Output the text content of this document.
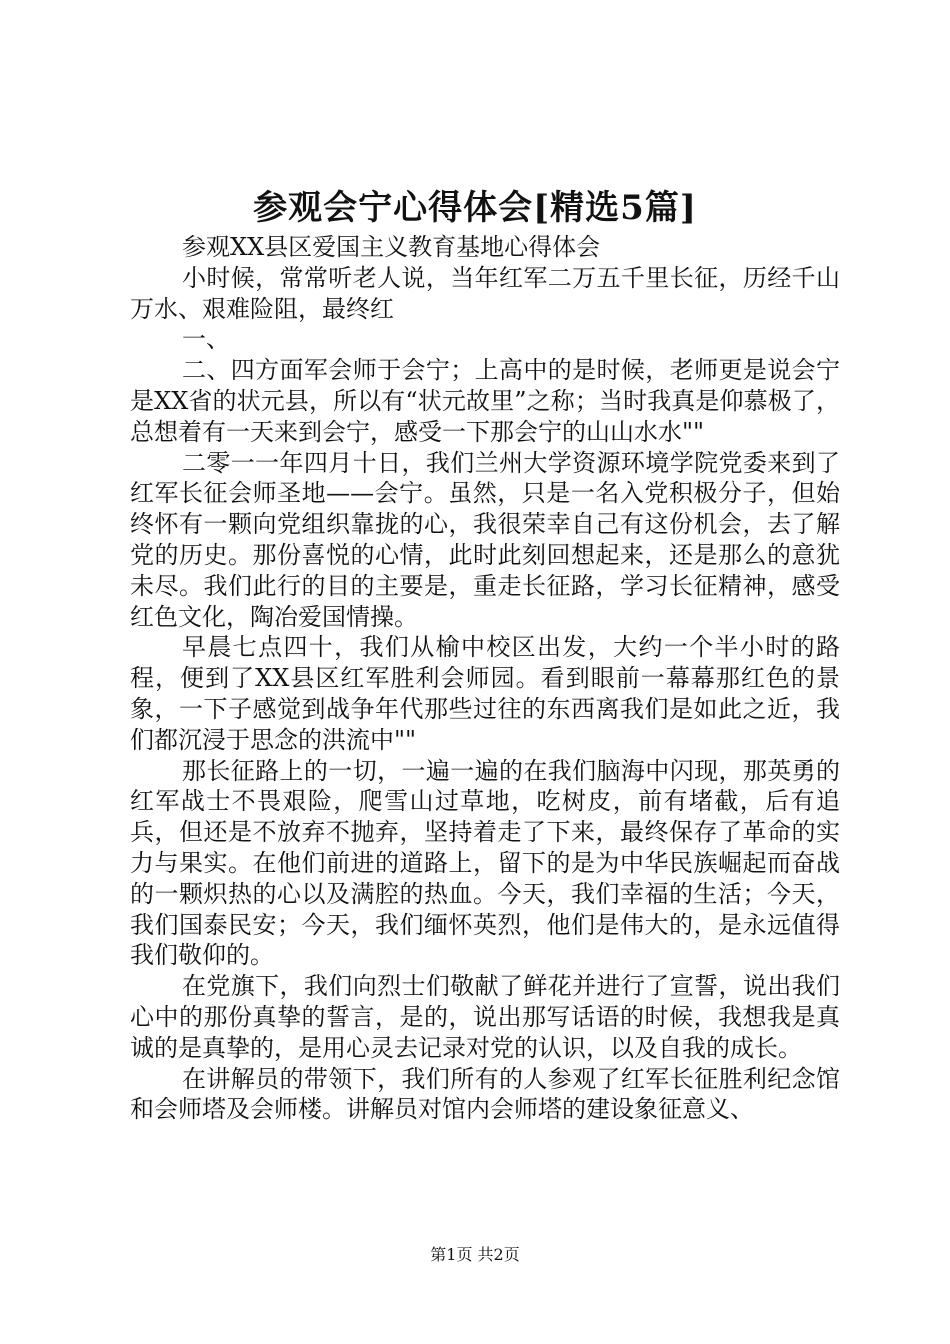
参观会宁心得体会[精选5篇]

参观XX县区爱国主义教育基地心得体会

小时候，常常听老人说，当年红军二万五千里长征，历经千山万水、艰难险阻，最终红

一、

二、四方面军会师于会宁；上高中的是时候，老师更是说会宁是XX省的状元县，所以有“状元故里”之称；当时我真是仰慕极了，总想着有一天来到会宁，感受一下那会宁的山山水水""

二零一一年四月十日，我们兰州大学资源环境学院党委来到了红军长征会师圣地——会宁。虽然，只是一名入党积极分子，但始终怀有一颗向党组织靠拢的心，我很荣幸自己有这份机会，去了解党的历史。那份喜悦的心情，此时此刻回想起来，还是那么的意犹未尽。我们此行的目的主要是，重走长征路，学习长征精神，感受红色文化，陶冶爱国情操。

早晨七点四十，我们从榆中校区出发，大约一个半小时的路程，便到了XX县区红军胜利会师园。看到眼前一幕幕那红色的景象，一下子感觉到战争年代那些过往的东西离我们是如此之近，我们都沉浸于思念的洪流中""

那长征路上的一切，一遍一遍的在我们脑海中闪现，那英勇的红军战士不畏艰险，爬雪山过草地，吃树皮，前有堵截，后有追兵，但还是不放弃不抛弃，坚持着走了下来，最终保存了革命的实力与果实。在他们前进的道路上，留下的是为中华民族崛起而奋战的一颗炽热的心以及满腔的热血。今天，我们幸福的生活；今天，我们国泰民安；今天，我们缅怀英烈，他们是伟大的，是永远值得我们敬仰的。

在党旗下，我们向烈士们敬献了鲜花并进行了宣誓，说出我们心中的那份真挚的誓言，是的，说出那写话语的时候，我想我是真诚的是真挚的，是用心灵去记录对党的认识，以及自我的成长。

在讲解员的带领下，我们所有的人参观了红军长征胜利纪念馆和会师塔及会师楼。讲解员对馆内会师塔的建设象征意义、

第1页 共2页
